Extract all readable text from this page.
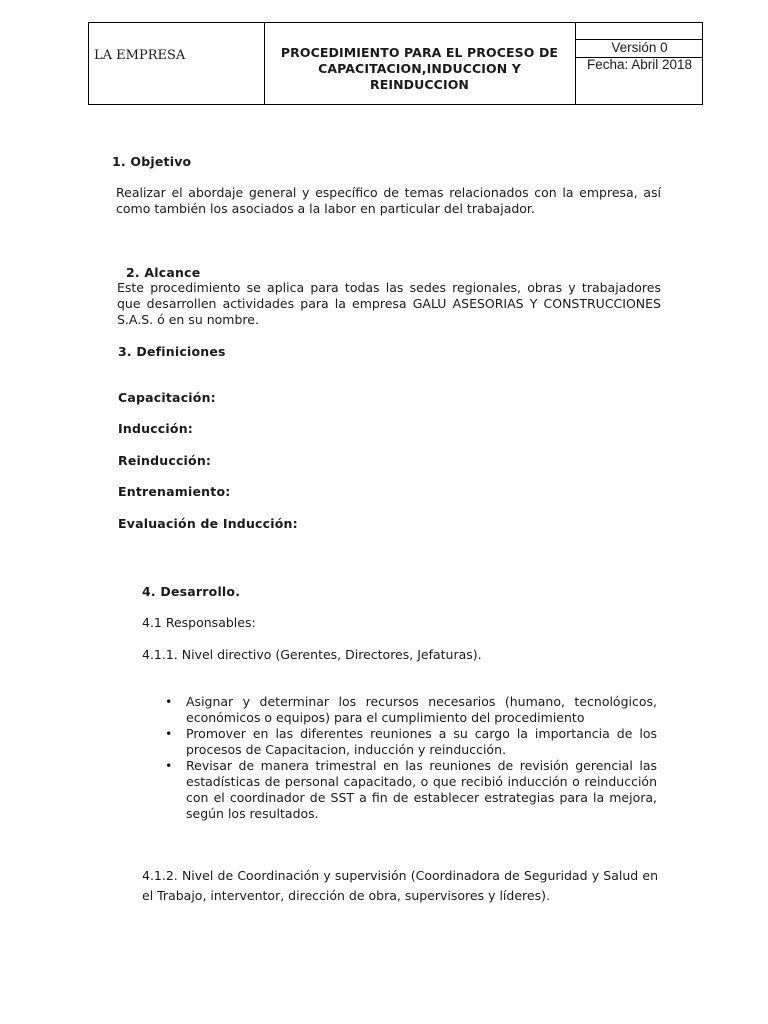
LA EMPRESA	PROCEDIMIENTO PARA EL PROCESO DE CAPACITACION,INDUCCION Y REINDUCCION
Versión 0
Fecha: Abril 2018
1. Objetivo
Realizar el abordaje general y específico de temas relacionados con la empresa, así como también los asociados a la labor en particular del trabajador.
2. Alcance
Este procedimiento se aplica para todas las sedes regionales, obras y trabajadores que desarrollen actividades para la empresa GALU ASESORIAS Y CONSTRUCCIONES S.A.S. ó en su nombre.
3. Definiciones
Capacitación:
Inducción:
Reinducción:
Entrenamiento:
Evaluación de Inducción:
4. Desarrollo.
4.1 Responsables:
4.1.1. Nivel directivo (Gerentes, Directores, Jefaturas).
• Asignar y determinar los recursos necesarios (humano, tecnológicos, económicos o equipos) para el cumplimiento del procedimiento
• Promover en las diferentes reuniones a su cargo la importancia de los procesos de Capacitacion, inducción y reinducción.
• Revisar de manera trimestral en las reuniones de revisión gerencial las estadísticas de personal capacitado, o que recibió inducción o reinducción con el coordinador de SST a fin de establecer estrategias para la mejora, según los resultados.
4.1.2. Nivel de Coordinación y supervisión (Coordinadora de Seguridad y Salud en el Trabajo, interventor, dirección de obra, supervisores y líderes).
